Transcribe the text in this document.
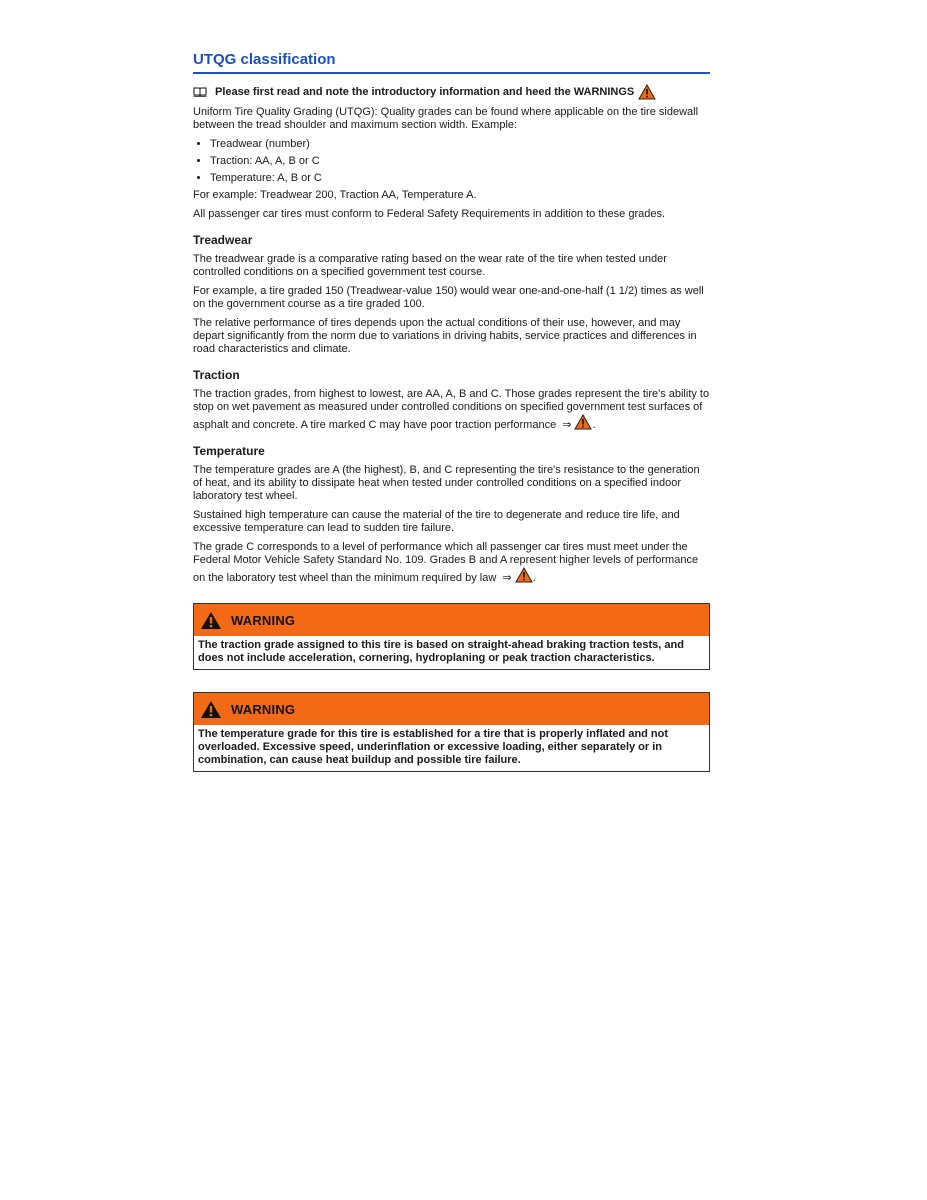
UTQG classification
Please first read and note the introductory information and heed the WARNINGS

Uniform Tire Quality Grading (UTQG): Quality grades can be found where applicable on the tire sidewall between the tread shoulder and maximum section width. Example:

• Treadwear (number)
• Traction: AA, A, B or C
• Temperature: A, B or C

For example: Treadwear 200, Traction AA, Temperature A.

All passenger car tires must conform to Federal Safety Requirements in addition to these grades.

Treadwear

The treadwear grade is a comparative rating based on the wear rate of the tire when tested under controlled conditions on a specified government test course.

For example, a tire graded 150 (Treadwear-value 150) would wear one-and-one-half (1 1/2) times as well on the government course as a tire graded 100.

The relative performance of tires depends upon the actual conditions of their use, however, and may depart significantly from the norm due to variations in driving habits, service practices and differences in road characteristics and climate.

Traction

The traction grades, from highest to lowest, are AA, A, B and C. Those grades represent the tire's ability to stop on wet pavement as measured under controlled conditions on specified government test surfaces of asphalt and concrete. A tire marked C may have poor traction performance ⇒ .

Temperature

The temperature grades are A (the highest), B, and C representing the tire's resistance to the generation of heat, and its ability to dissipate heat when tested under controlled conditions on a specified indoor laboratory test wheel.

Sustained high temperature can cause the material of the tire to degenerate and reduce tire life, and excessive temperature can lead to sudden tire failure.

The grade C corresponds to a level of performance which all passenger car tires must meet under the Federal Motor Vehicle Safety Standard No. 109. Grades B and A represent higher levels of performance on the laboratory test wheel than the minimum required by law ⇒ .

WARNING
The traction grade assigned to this tire is based on straight-ahead braking traction tests, and does not include acceleration, cornering, hydroplaning or peak traction characteristics.
WARNING
The temperature grade for this tire is established for a tire that is properly inflated and not overloaded. Excessive speed, underinflation or excessive loading, either separately or in combination, can cause heat buildup and possible tire failure.
